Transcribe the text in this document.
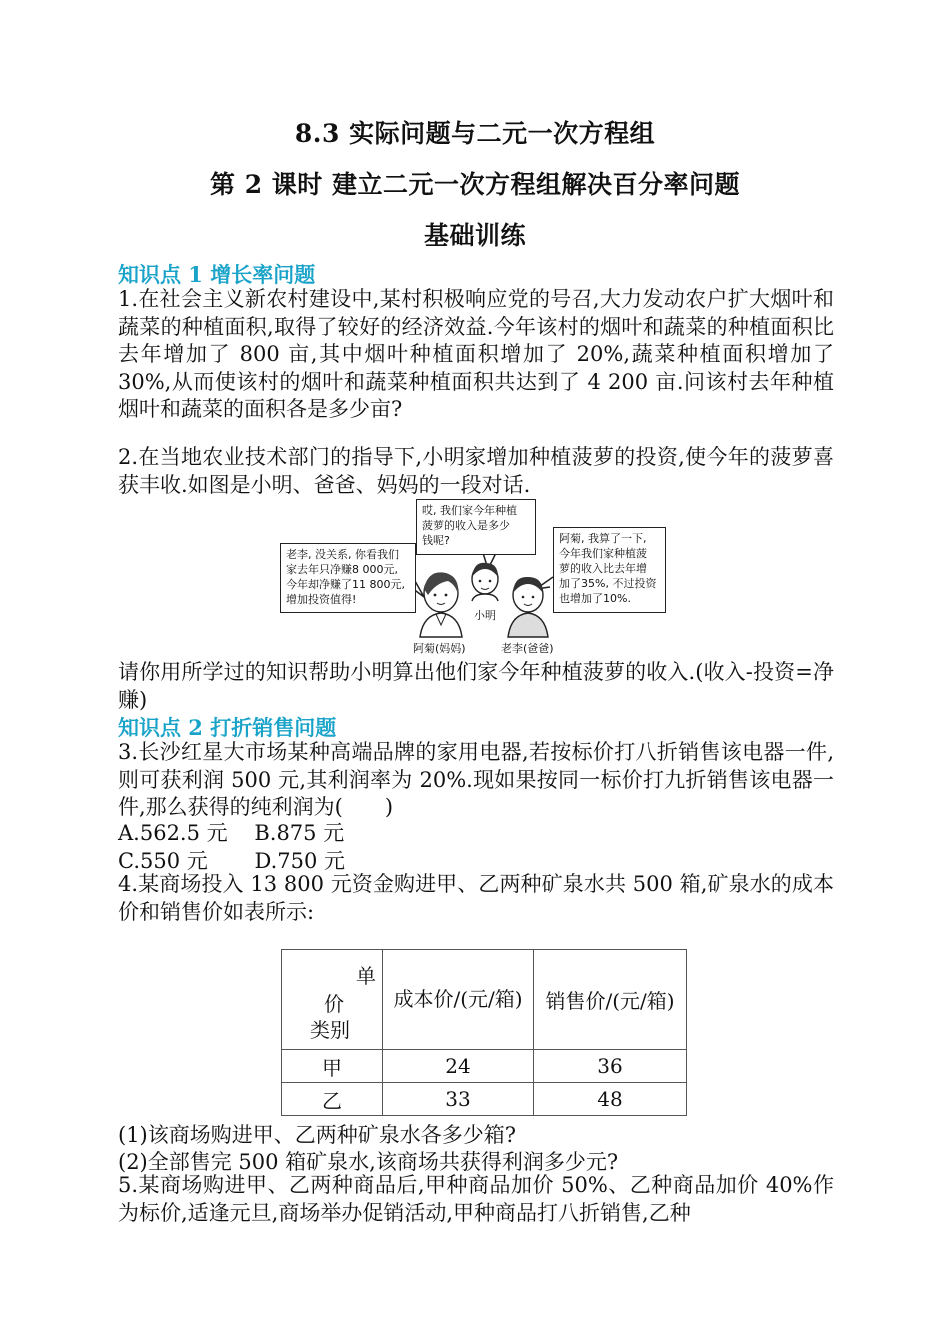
8.3 实际问题与二元一次方程组
第 2 课时 建立二元一次方程组解决百分率问题
基础训练
知识点 1 增长率问题
1.在社会主义新农村建设中,某村积极响应党的号召,大力发动农户扩大烟叶和蔬菜的种植面积,取得了较好的经济效益.今年该村的烟叶和蔬菜的种植面积比去年增加了 800 亩,其中烟叶种植面积增加了 20%,蔬菜种植面积增加了 30%,从而使该村的烟叶和蔬菜种植面积共达到了 4 200 亩.问该村去年种植烟叶和蔬菜的面积各是多少亩?
2.在当地农业技术部门的指导下,小明家增加种植菠萝的投资,使今年的菠萝喜获丰收.如图是小明、爸爸、妈妈的一段对话.
哎, 我们家今年种植
菠萝的收入是多少
钱呢?
老李, 没关系, 你看我们
家去年只净赚8 000元,
今年却净赚了11 800元,
增加投资值得!
阿菊, 我算了一下,
今年我们家种植菠
萝的收入比去年增
加了35%, 不过投资
也增加了10%.
小明
阿菊(妈妈)	老李(爸爸)
请你用所学过的知识帮助小明算出他们家今年种植菠萝的收入.(收入-投资=净赚)
知识点 2 打折销售问题
3.长沙红星大市场某种高端品牌的家用电器,若按标价打八折销售该电器一件,则可获利润 500 元,其利润率为 20%.现如果按同一标价打九折销售该电器一件,那么获得的纯利润为(　　)
A.562.5 元    B.875 元
C.550 元       D.750 元
4.某商场投入 13 800 元资金购进甲、乙两种矿泉水共 500 箱,矿泉水的成本价和销售价如表所示:
单
价
类别	成本价/(元/箱)	销售价/(元/箱)
甲	24	36
乙	33	48
(1)该商场购进甲、乙两种矿泉水各多少箱?
(2)全部售完 500 箱矿泉水,该商场共获得利润多少元?
5.某商场购进甲、乙两种商品后,甲种商品加价 50%、乙种商品加价 40%作为标价,适逢元旦,商场举办促销活动,甲种商品打八折销售,乙种
